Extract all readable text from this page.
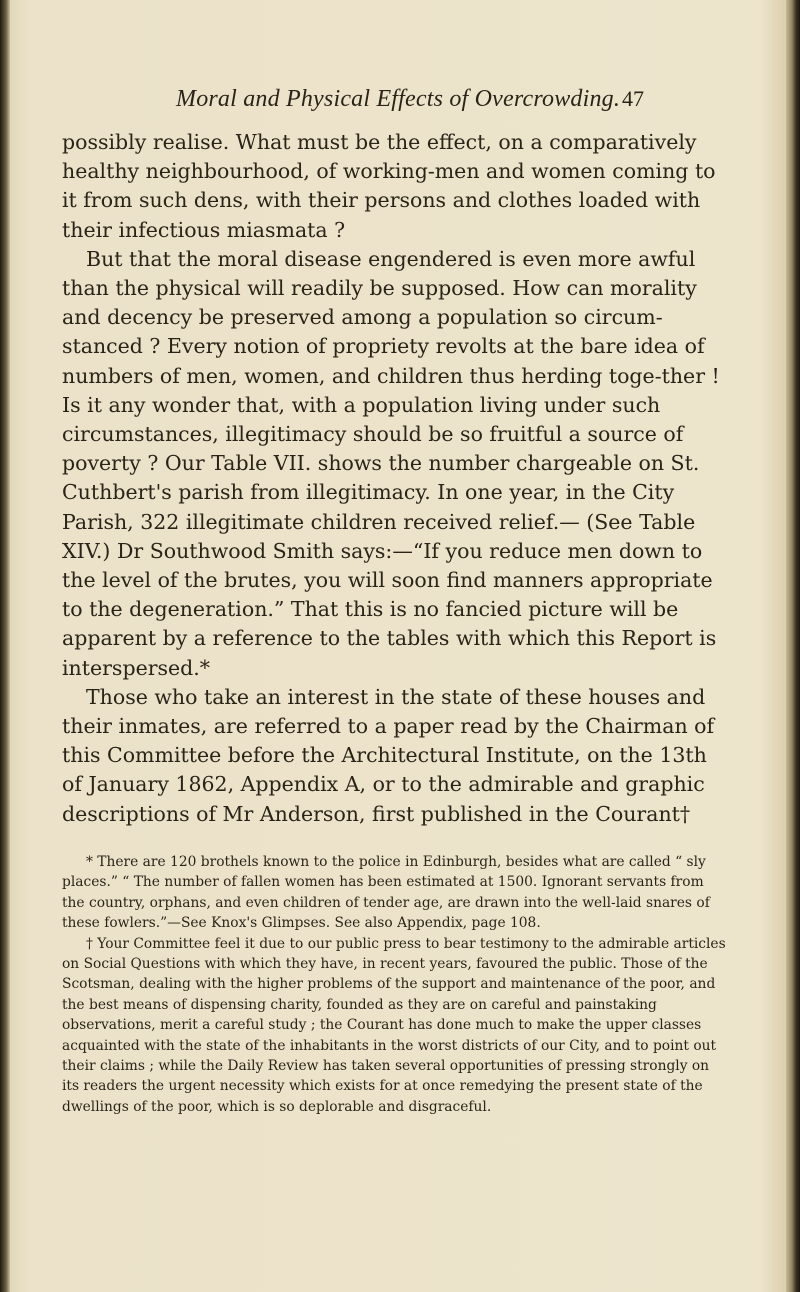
Moral and Physical Effects of Overcrowding. 47

possibly realise. What must be the effect, on a comparatively healthy neighbourhood, of working-men and women coming to it from such dens, with their persons and clothes loaded with their infectious miasmata ?

But that the moral disease engendered is even more awful than the physical will readily be supposed. How can morality and decency be preserved among a population so circum-stanced ? Every notion of propriety revolts at the bare idea of numbers of men, women, and children thus herding toge-ther ! Is it any wonder that, with a population living under such circumstances, illegitimacy should be so fruitful a source of poverty ? Our Table VII. shows the number chargeable on St. Cuthbert's parish from illegitimacy. In one year, in the City Parish, 322 illegitimate children received relief.— (See Table XIV.) Dr Southwood Smith says:—“If you reduce men down to the level of the brutes, you will soon find manners appropriate to the degeneration.” That this is no fancied picture will be apparent by a reference to the tables with which this Report is interspersed.*

Those who take an interest in the state of these houses and their inmates, are referred to a paper read by the Chairman of this Committee before the Architectural Institute, on the 13th of January 1862, Appendix A, or to the admirable and graphic descriptions of Mr Anderson, first published in the Courant†

* There are 120 brothels known to the police in Edinburgh, besides what are called “ sly places.” “ The number of fallen women has been estimated at 1500. Ignorant servants from the country, orphans, and even children of tender age, are drawn into the well-laid snares of these fowlers.”—See Knox's Glimpses. See also Appendix, page 108.

† Your Committee feel it due to our public press to bear testimony to the admirable articles on Social Questions with which they have, in recent years, favoured the public. Those of the Scotsman, dealing with the higher problems of the support and maintenance of the poor, and the best means of dispensing charity, founded as they are on careful and painstaking observations, merit a careful study ; the Courant has done much to make the upper classes acquainted with the state of the inhabitants in the worst districts of our City, and to point out their claims ; while the Daily Review has taken several opportunities of pressing strongly on its readers the urgent necessity which exists for at once remedying the present state of the dwellings of the poor, which is so deplorable and disgraceful.
